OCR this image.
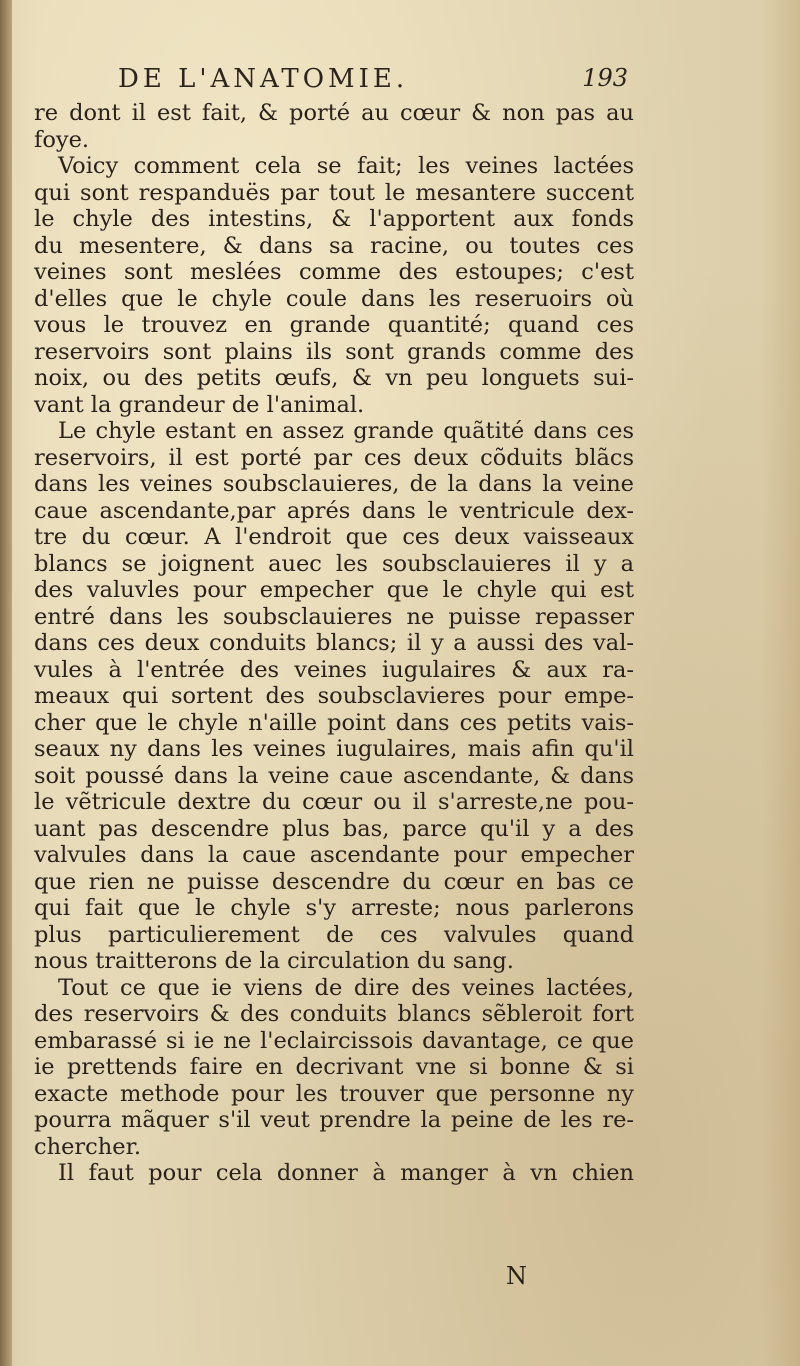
DE L'ANATOMIE.	193
re dont il est fait, & porté au cœur & non pas au
foye.
Voicy comment cela se fait; les veines lactées
qui sont respanduës par tout le mesantere succent
le chyle des intestins, & l'apportent aux fonds
du mesentere, & dans sa racine, ou toutes ces
veines sont meslées comme des estoupes; c'est
d'elles que le chyle coule dans les reseruoirs où
vous le trouvez en grande quantité; quand ces
reservoirs sont plains ils sont grands comme des
noix, ou des petits œufs, & vn peu longuets sui-
vant la grandeur de l'animal.
Le chyle estant en assez grande quãtité dans ces
reservoirs, il est porté par ces deux cõduits blãcs
dans les veines soubsclauieres, de la dans la veine
caue ascendante,par aprés dans le ventricule dex-
tre du cœur. A l'endroit que ces deux vaisseaux
blancs se joignent auec les soubsclauieres il y a
des valuvles pour empecher que le chyle qui est
entré dans les soubsclauieres ne puisse repasser
dans ces deux conduits blancs; il y a aussi des val-
vules à l'entrée des veines iugulaires & aux ra-
meaux qui sortent des soubsclavieres pour empe-
cher que le chyle n'aille point dans ces petits vais-
seaux ny dans les veines iugulaires, mais afin qu'il
soit poussé dans la veine caue ascendante, & dans
le vẽtricule dextre du cœur ou il s'arreste,ne pou-
uant pas descendre plus bas, parce qu'il y a des
valvules dans la caue ascendante pour empecher
que rien ne puisse descendre du cœur en bas ce
qui fait que le chyle s'y arreste; nous parlerons
plus particulierement de ces valvules quand
nous traitterons de la circulation du sang.
Tout ce que ie viens de dire des veines lactées,
des reservoirs & des conduits blancs sẽbleroit fort
embarassé si ie ne l'eclaircissois davantage, ce que
ie prettends faire en decrivant vne si bonne & si
exacte methode pour les trouver que personne ny
pourra mãquer s'il veut prendre la peine de les re-
chercher.
Il faut pour cela donner à manger à vn chien
N
